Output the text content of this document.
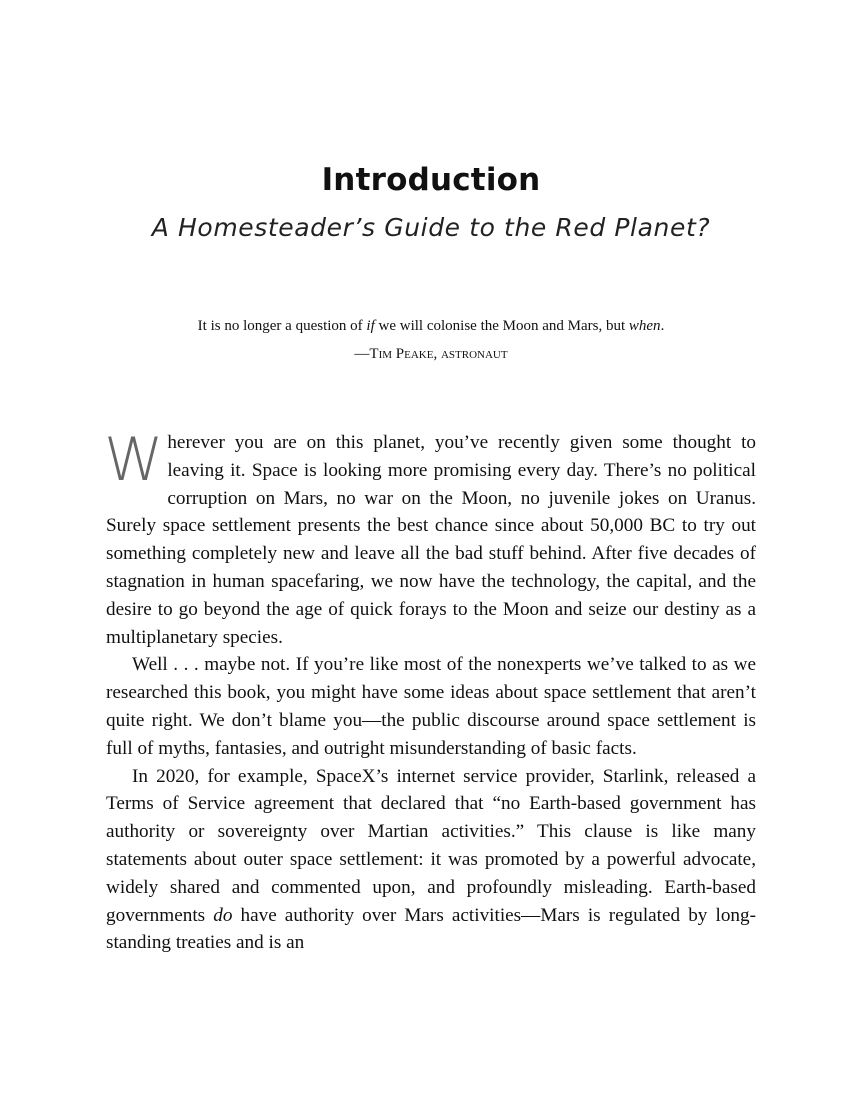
Introduction
A Homesteader’s Guide to the Red Planet?

It is no longer a question of if we will colonise the Moon and Mars, but when.

—Tim Peake, astronaut

Wherever you are on this planet, you’ve recently given some thought to leaving it. Space is looking more promising every day. There’s no political corruption on Mars, no war on the Moon, no juvenile jokes on Uranus. Surely space settlement presents the best chance since about 50,000 BC to try out something completely new and leave all the bad stuff behind. After five decades of stagnation in human spacefaring, we now have the technology, the capital, and the desire to go beyond the age of quick forays to the Moon and seize our destiny as a multiplanetary species.

Well . . . maybe not. If you’re like most of the nonexperts we’ve talked to as we researched this book, you might have some ideas about space settlement that aren’t quite right. We don’t blame you—the public discourse around space settlement is full of myths, fantasies, and outright misunderstanding of basic facts.

In 2020, for example, SpaceX’s internet service provider, Starlink, released a Terms of Service agreement that declared that “no Earth-based government has authority or sovereignty over Martian activities.” This clause is like many statements about outer space settlement: it was promoted by a powerful advocate, widely shared and commented upon, and profoundly misleading. Earth-based governments do have authority over Mars activities—Mars is regulated by long-standing treaties and is an
